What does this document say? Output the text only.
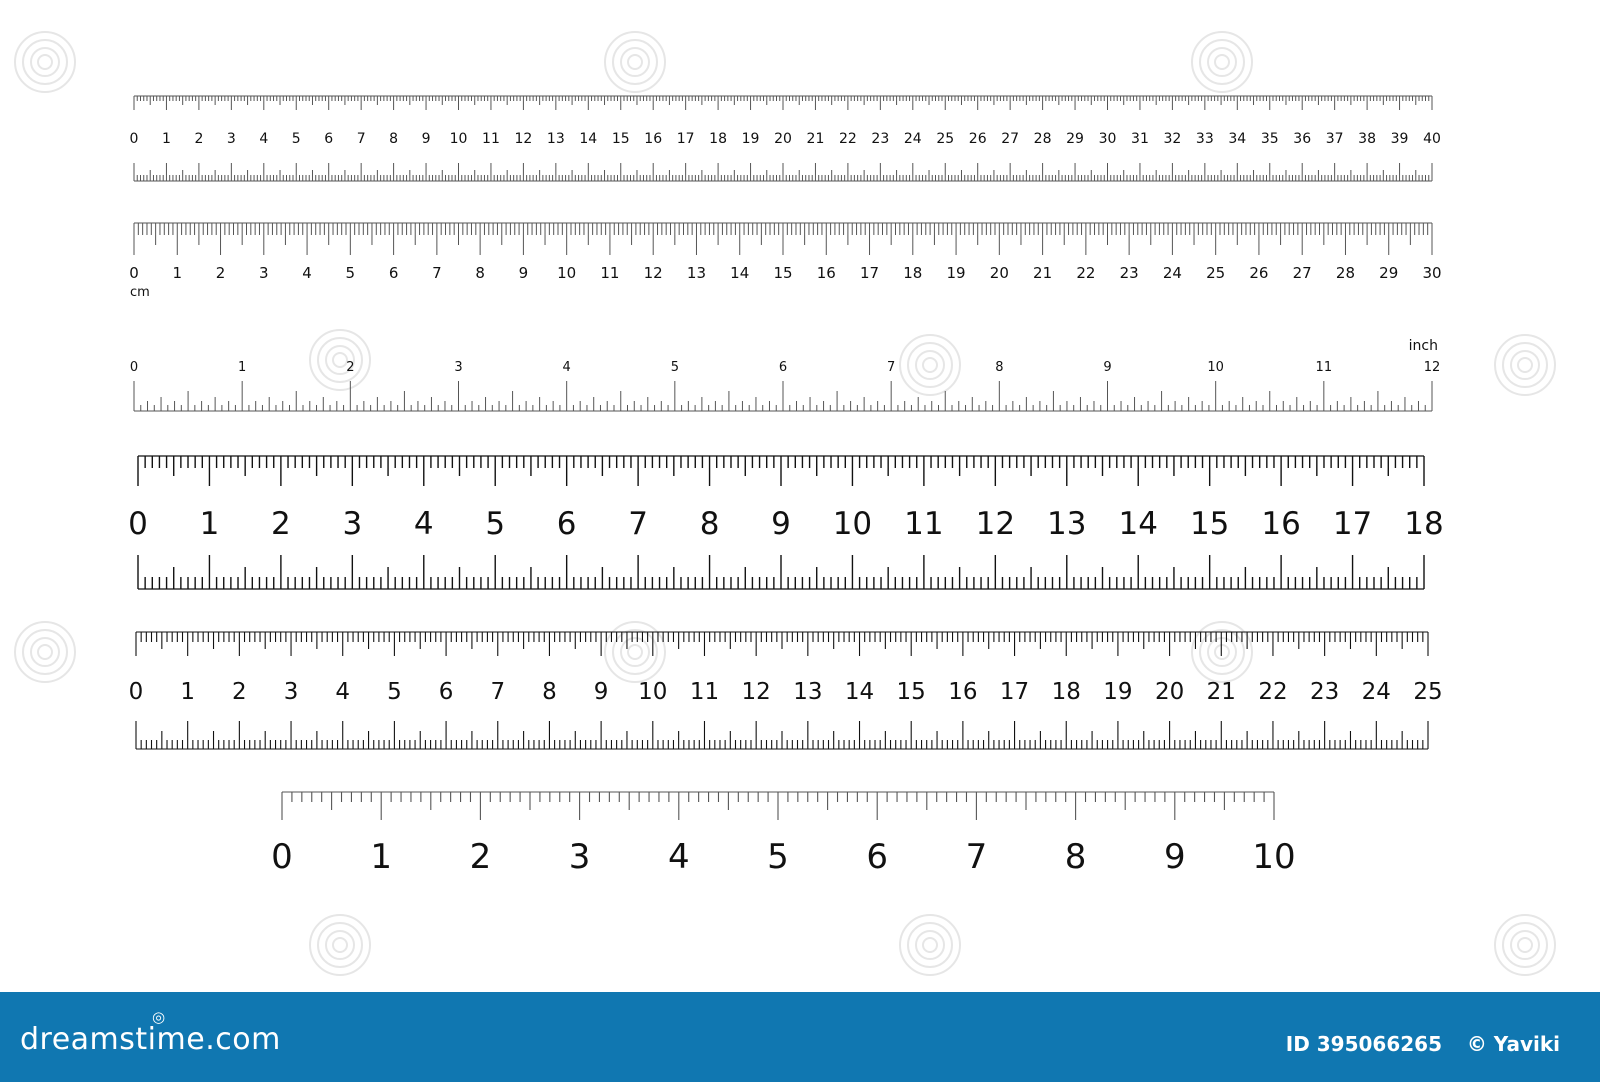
0 1 2 3 4 5 6 7 8 9 10 11 12 13 14 15 16 17 18 19 20 21 22 23 24 25 26 27 28 29 30 31 32 33 34 35 36 37 38 39 40
0 1 2 3 4 5 6 7 8 9 10 11 12 13 14 15 16 17 18 19 20 21 22 23 24 25 26 27 28 29 30
cm
0	1	2	3	4	5	6	7	8	9	10	11	12
inch
0 1 2 3 4 5 6 7 8 9 10 11 12 13 14 15 16 17 18
0 1 2 3 4 5 6 7 8 9 10 11 12 13 14 15 16 17 18 19 20 21 22 23 24 25
0 1 2 3 4 5 6 7 8 9 10
dreamstime.com
◎
ID 395066265 © Yaviki
